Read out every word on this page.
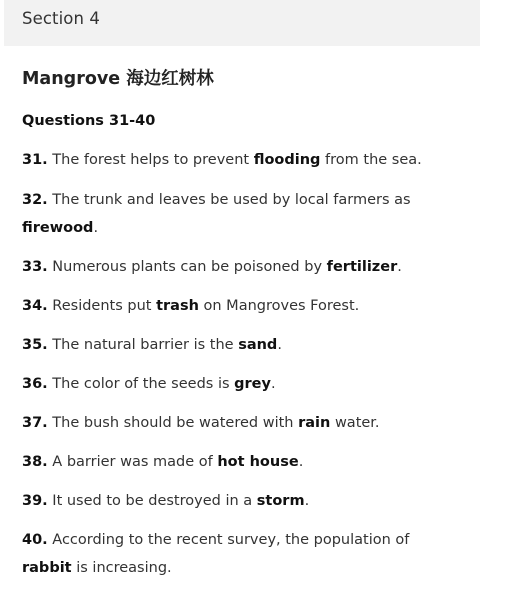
Section 4
Mangrove 海边红树林
Questions 31-40
31. The forest helps to prevent flooding from the sea.
32. The trunk and leaves be used by local farmers as
firewood.
33. Numerous plants can be poisoned by fertilizer.
34. Residents put trash on Mangroves Forest.
35. The natural barrier is the sand.
36. The color of the seeds is grey.
37. The bush should be watered with rain water.
38. A barrier was made of hot house.
39. It used to be destroyed in a storm.
40. According to the recent survey, the population of
rabbit is increasing.
